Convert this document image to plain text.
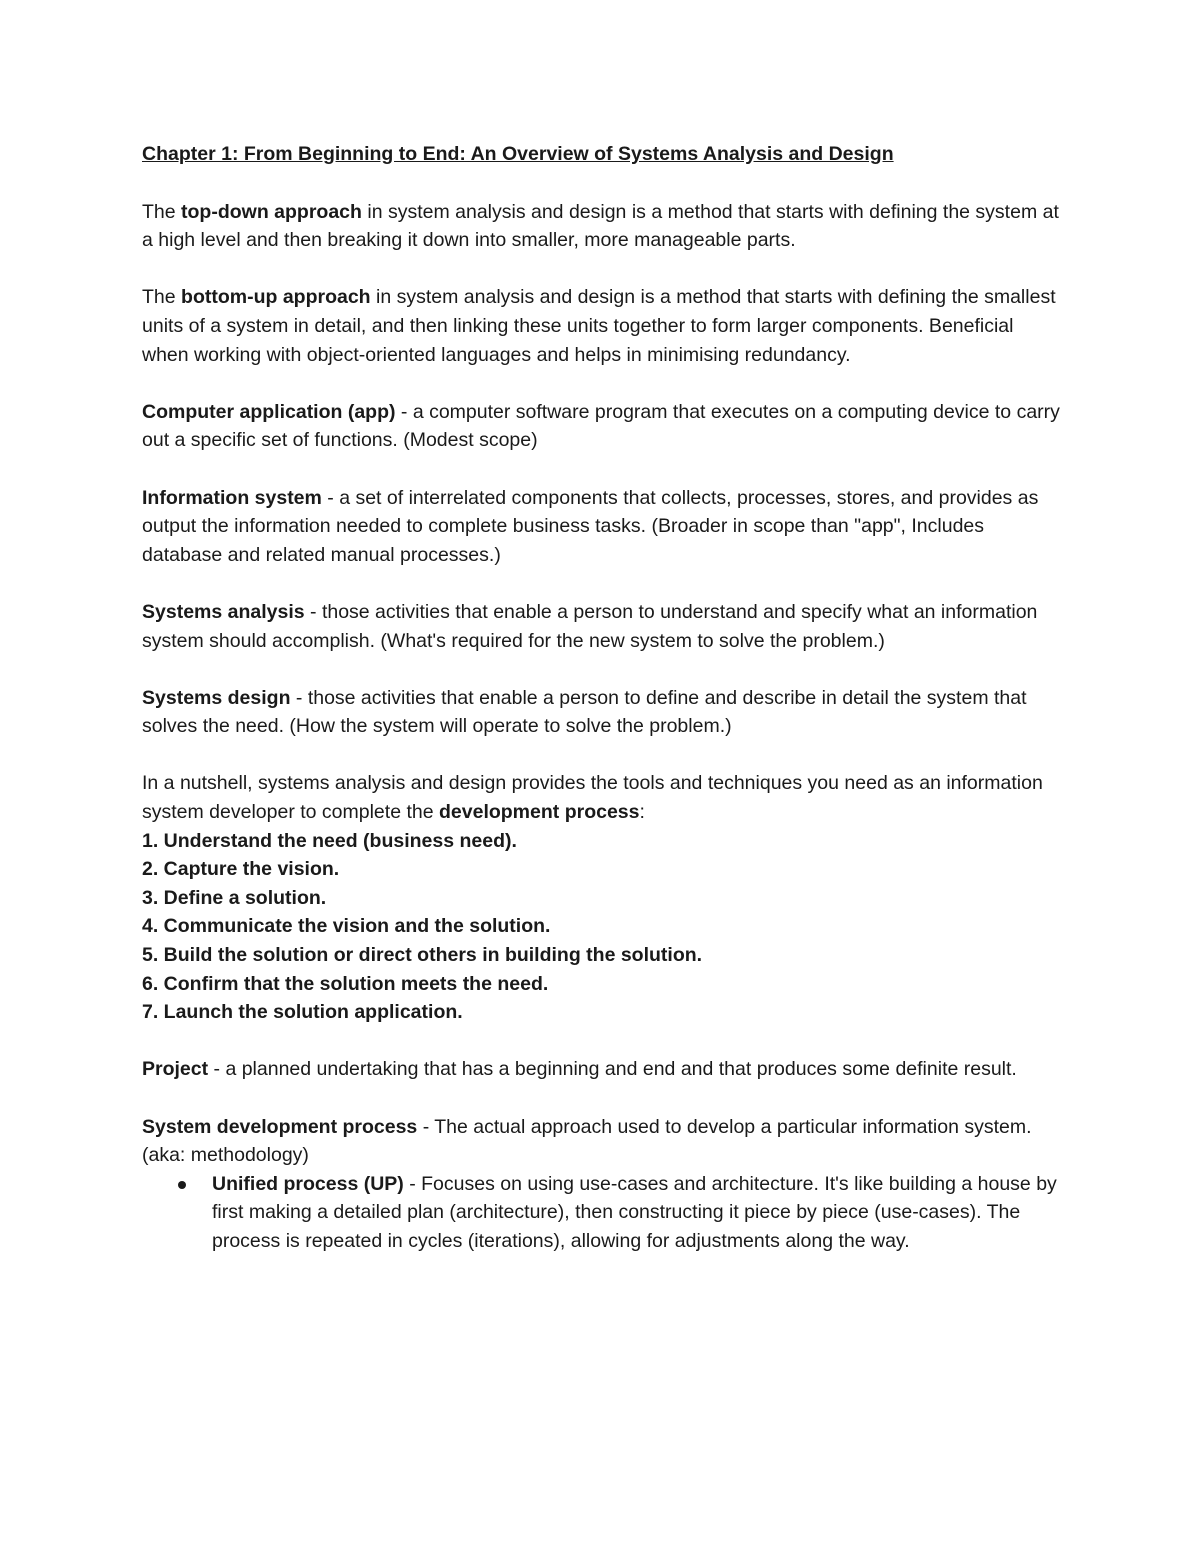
Chapter 1: From Beginning to End: An Overview of Systems Analysis and Design

The top-down approach in system analysis and design is a method that starts with defining the system at a high level and then breaking it down into smaller, more manageable parts.

The bottom-up approach in system analysis and design is a method that starts with defining the smallest units of a system in detail, and then linking these units together to form larger components. Beneficial when working with object-oriented languages and helps in minimising redundancy.

Computer application (app) - a computer software program that executes on a computing device to carry out a specific set of functions. (Modest scope)

Information system - a set of interrelated components that collects, processes, stores, and provides as output the information needed to complete business tasks. (Broader in scope than "app", Includes database and related manual processes.)

Systems analysis - those activities that enable a person to understand and specify what an information system should accomplish. (What's required for the new system to solve the problem.)

Systems design - those activities that enable a person to define and describe in detail the system that solves the need. (How the system will operate to solve the problem.)

In a nutshell, systems analysis and design provides the tools and techniques you need as an information system developer to complete the development process:

1. Understand the need (business need).
2. Capture the vision.
3. Define a solution.
4. Communicate the vision and the solution.
5. Build the solution or direct others in building the solution.
6. Confirm that the solution meets the need.
7. Launch the solution application.

Project - a planned undertaking that has a beginning and end and that produces some definite result.

System development process - The actual approach used to develop a particular information system. (aka: methodology)

Unified process (UP) - Focuses on using use-cases and architecture. It's like building a house by first making a detailed plan (architecture), then constructing it piece by piece (use-cases). The process is repeated in cycles (iterations), allowing for adjustments along the way.
